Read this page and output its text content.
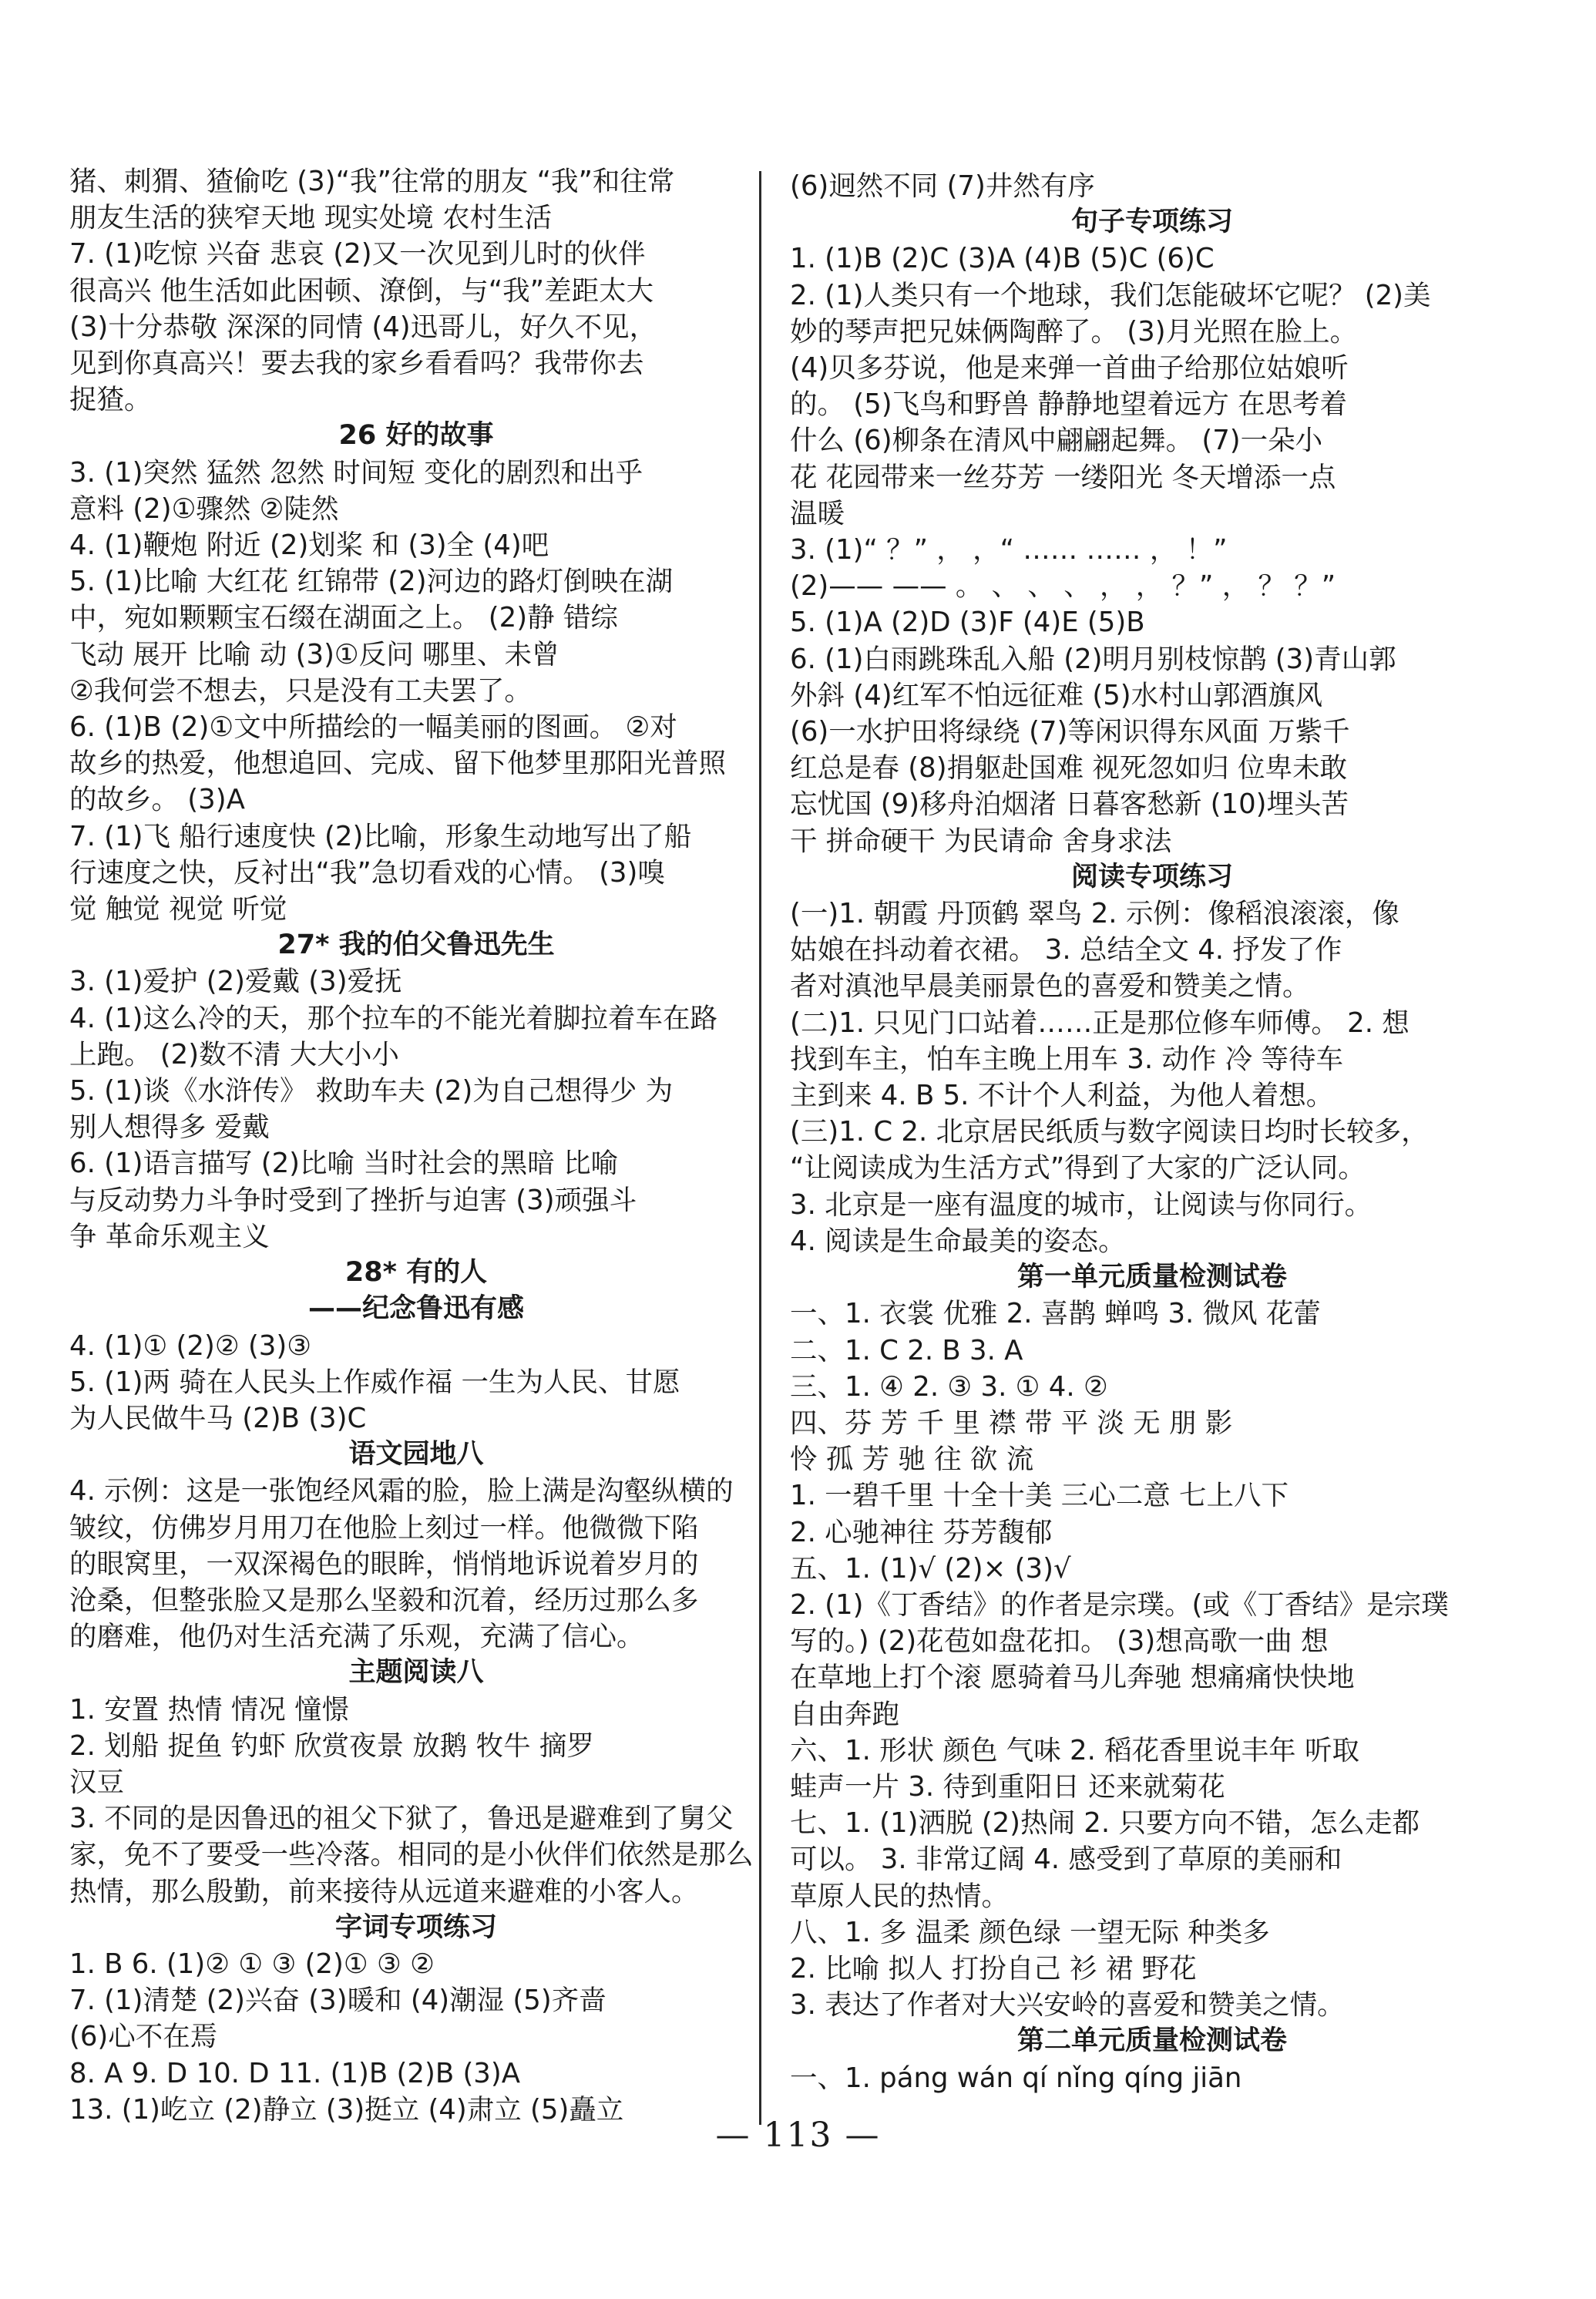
猪、刺猬、猹偷吃 (3)“我”往常的朋友 “我”和往常
朋友生活的狭窄天地 现实处境 农村生活
7. (1)吃惊 兴奋 悲哀 (2)又一次见到儿时的伙伴
很高兴 他生活如此困顿、潦倒，与“我”差距太大
(3)十分恭敬 深深的同情 (4)迅哥儿，好久不见，
见到你真高兴！要去我的家乡看看吗？我带你去
捉猹。
26 好的故事
3. (1)突然 猛然 忽然 时间短 变化的剧烈和出乎
意料 (2)①骤然 ②陡然
4. (1)鞭炮 附近 (2)划桨 和 (3)全 (4)吧
5. (1)比喻 大红花 红锦带 (2)河边的路灯倒映在湖
中，宛如颗颗宝石缀在湖面之上。 (2)静 错综
飞动 展开 比喻 动 (3)①反问 哪里、未曾
②我何尝不想去，只是没有工夫罢了。
6. (1)B (2)①文中所描绘的一幅美丽的图画。 ②对
故乡的热爱，他想追回、完成、留下他梦里那阳光普照
的故乡。 (3)A
7. (1)飞 船行速度快 (2)比喻，形象生动地写出了船
行速度之快，反衬出“我”急切看戏的心情。 (3)嗅
觉 触觉 视觉 听觉
27* 我的伯父鲁迅先生
3. (1)爱护 (2)爱戴 (3)爱抚
4. (1)这么冷的天，那个拉车的不能光着脚拉着车在路
上跑。 (2)数不清 大大小小
5. (1)谈《水浒传》 救助车夫 (2)为自己想得少 为
别人想得多 爱戴
6. (1)语言描写 (2)比喻 当时社会的黑暗 比喻
与反动势力斗争时受到了挫折与迫害 (3)顽强斗
争 革命乐观主义
28* 有的人
——纪念鲁迅有感
4. (1)① (2)② (3)③
5. (1)两 骑在人民头上作威作福 一生为人民、甘愿
为人民做牛马 (2)B (3)C
语文园地八
4. 示例：这是一张饱经风霜的脸，脸上满是沟壑纵横的
皱纹，仿佛岁月用刀在他脸上刻过一样。他微微下陷
的眼窝里，一双深褐色的眼眸，悄悄地诉说着岁月的
沧桑，但整张脸又是那么坚毅和沉着，经历过那么多
的磨难，他仍对生活充满了乐观，充满了信心。
主题阅读八
1. 安置 热情 情况 憧憬
2. 划船 捉鱼 钓虾 欣赏夜景 放鹅 牧牛 摘罗
汉豆
3. 不同的是因鲁迅的祖父下狱了，鲁迅是避难到了舅父
家，免不了要受一些冷落。相同的是小伙伴们依然是那么
热情，那么殷勤，前来接待从远道来避难的小客人。
字词专项练习
1. B 6. (1)② ① ③ (2)① ③ ②
7. (1)清楚 (2)兴奋 (3)暖和 (4)潮湿 (5)齐啬
(6)心不在焉
8. A 9. D 10. D 11. (1)B (2)B (3)A
13. (1)屹立 (2)静立 (3)挺立 (4)肃立 (5)矗立
(6)迥然不同 (7)井然有序
句子专项练习
1. (1)B (2)C (3)A (4)B (5)C (6)C
2. (1)人类只有一个地球，我们怎能破坏它呢？ (2)美
妙的琴声把兄妹俩陶醉了。 (3)月光照在脸上。
(4)贝多芬说，他是来弹一首曲子给那位姑娘听
的。 (5)飞鸟和野兽 静静地望着远方 在思考着
什么 (6)柳条在清风中翩翩起舞。 (7)一朵小
花 花园带来一丝芬芳 一缕阳光 冬天增添一点
温暖
3. (1)“ ？” ， ，“ …… …… ， ！”
(2)—— —— 。 、 、 、 ， ， ？” ， ？ ？”
5. (1)A (2)D (3)F (4)E (5)B
6. (1)白雨跳珠乱入船 (2)明月别枝惊鹊 (3)青山郭
外斜 (4)红军不怕远征难 (5)水村山郭酒旗风
(6)一水护田将绿绕 (7)等闲识得东风面 万紫千
红总是春 (8)捐躯赴国难 视死忽如归 位卑未敢
忘忧国 (9)移舟泊烟渚 日暮客愁新 (10)埋头苦
干 拼命硬干 为民请命 舍身求法
阅读专项练习
(一)1. 朝霞 丹顶鹤 翠鸟 2. 示例：像稻浪滚滚，像
姑娘在抖动着衣裙。 3. 总结全文 4. 抒发了作
者对滇池早晨美丽景色的喜爱和赞美之情。
(二)1. 只见门口站着……正是那位修车师傅。 2. 想
找到车主，怕车主晚上用车 3. 动作 冷 等待车
主到来 4. B 5. 不计个人利益，为他人着想。
(三)1. C 2. 北京居民纸质与数字阅读日均时长较多，
“让阅读成为生活方式”得到了大家的广泛认同。
3. 北京是一座有温度的城市，让阅读与你同行。
4. 阅读是生命最美的姿态。
第一单元质量检测试卷
一、1. 衣裳 优雅 2. 喜鹊 蝉鸣 3. 微风 花蕾
二、1. C 2. B 3. A
三、1. ④ 2. ③ 3. ① 4. ②
四、芬 芳 千 里 襟 带 平 淡 无 朋 影
怜 孤 芳 驰 往 欲 流
1. 一碧千里 十全十美 三心二意 七上八下
2. 心驰神往 芬芳馥郁
五、1. (1)√ (2)× (3)√
2. (1)《丁香结》的作者是宗璞。(或《丁香结》是宗璞
写的。) (2)花苞如盘花扣。 (3)想高歌一曲 想
在草地上打个滚 愿骑着马儿奔驰 想痛痛快快地
自由奔跑
六、1. 形状 颜色 气味 2. 稻花香里说丰年 听取
蛙声一片 3. 待到重阳日 还来就菊花
七、1. (1)洒脱 (2)热闹 2. 只要方向不错，怎么走都
可以。 3. 非常辽阔 4. 感受到了草原的美丽和
草原人民的热情。
八、1. 多 温柔 颜色绿 一望无际 种类多
2. 比喻 拟人 打扮自己 衫 裙 野花
3. 表达了作者对大兴安岭的喜爱和赞美之情。
第二单元质量检测试卷
一、1. páng wán qí nǐng qíng jiān
— 113 —
